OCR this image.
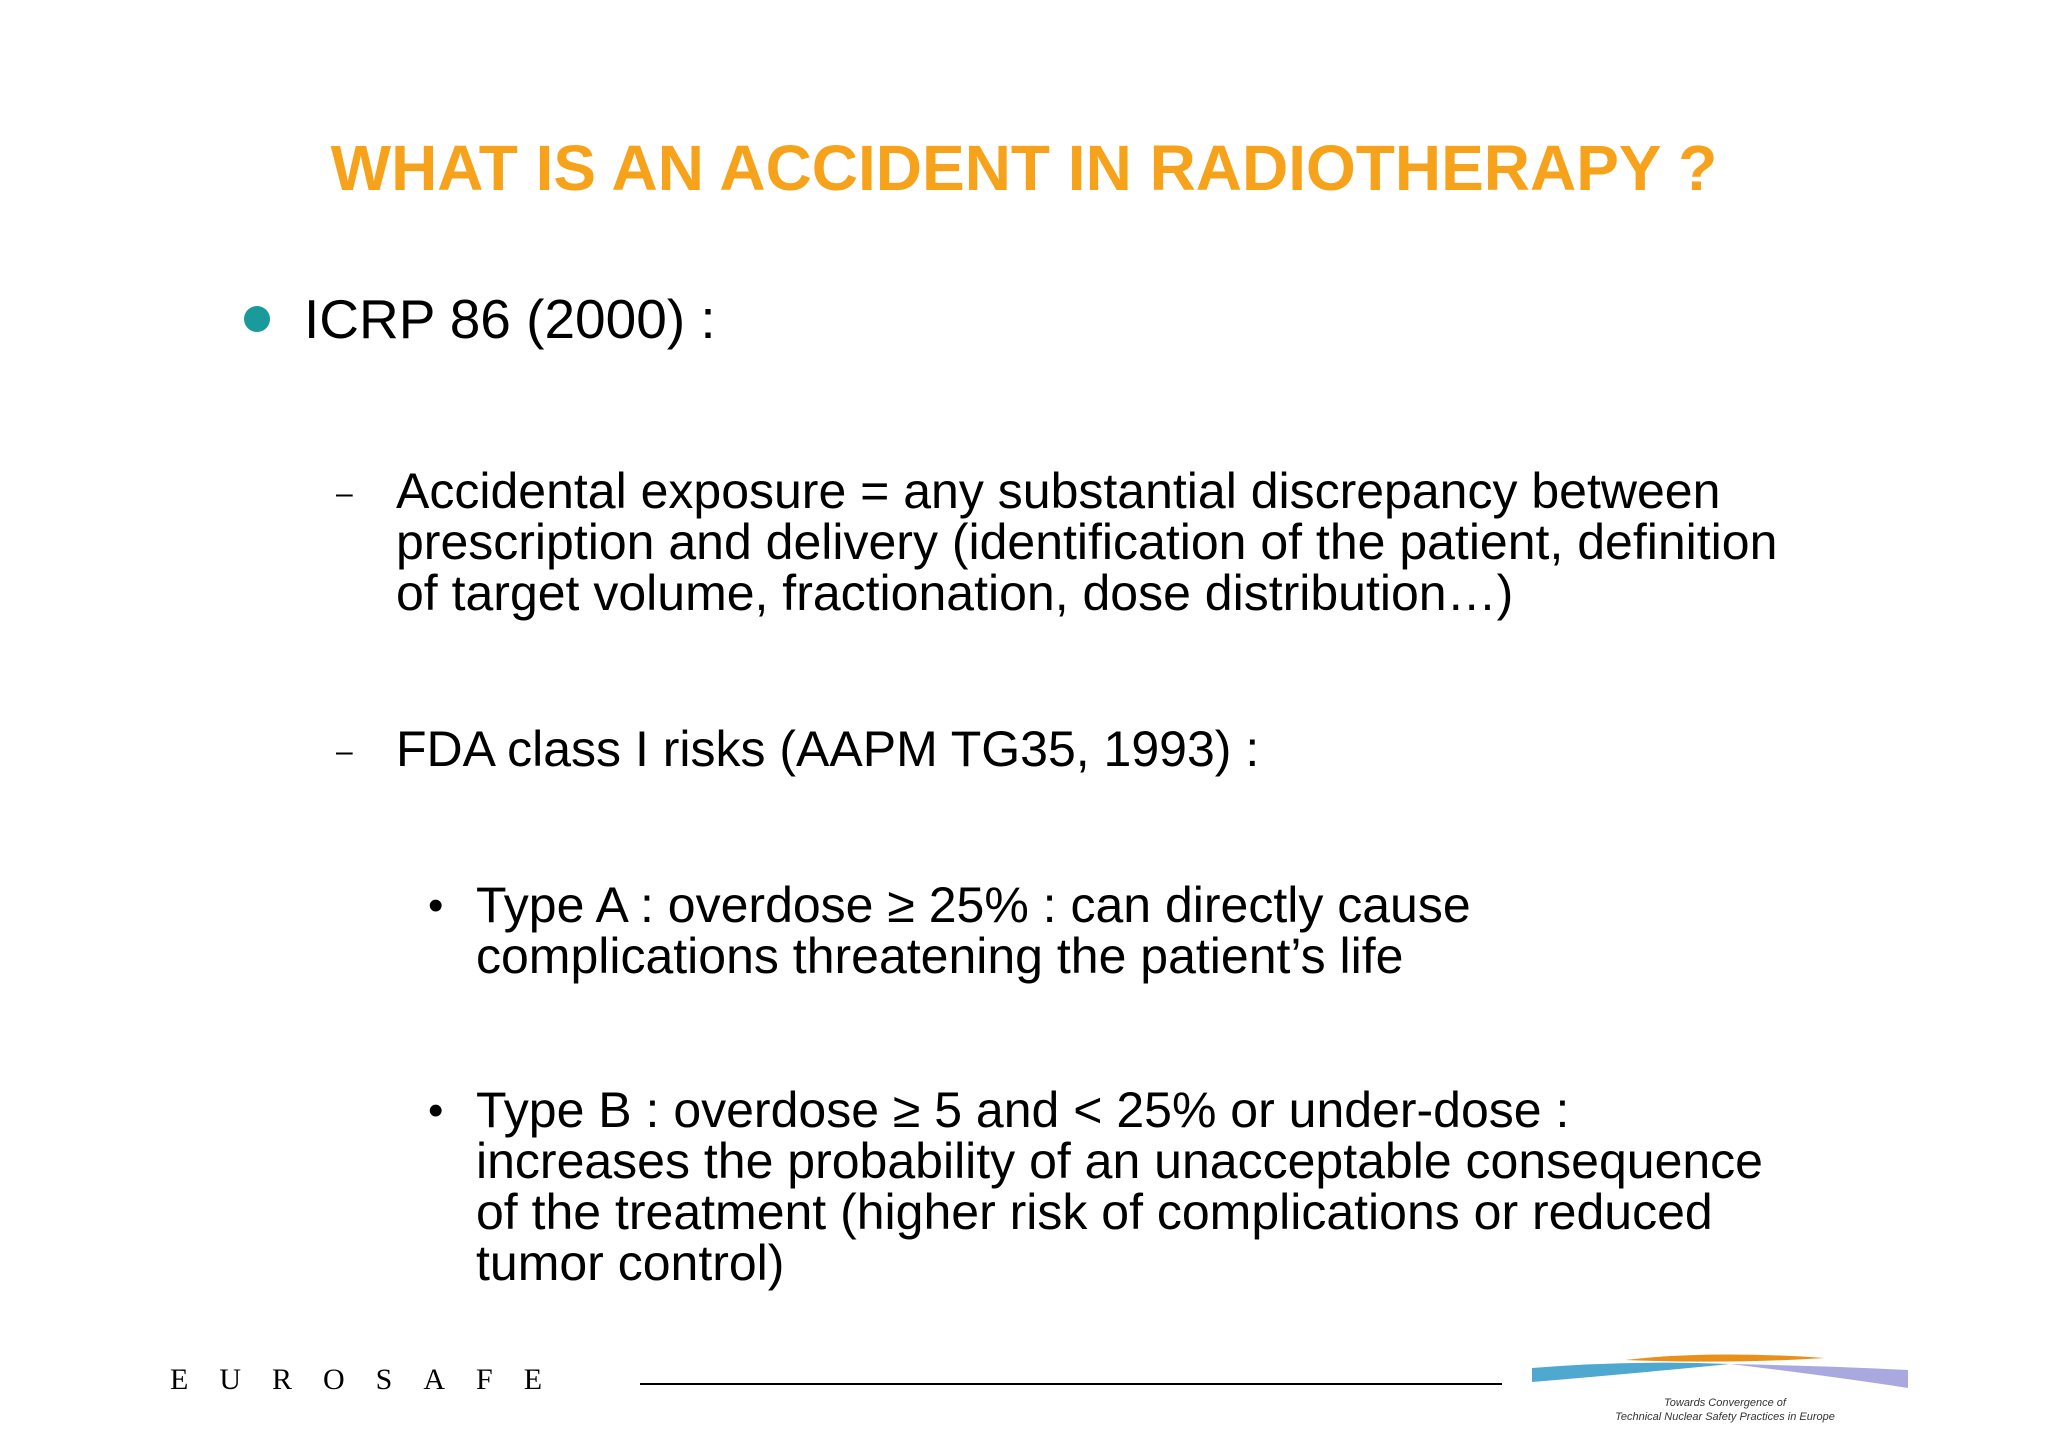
WHAT IS AN ACCIDENT IN RADIOTHERAPY ?
ICRP 86 (2000) :
– Accidental exposure = any substantial discrepancy between
prescription and delivery (identification of the patient, definition
of target volume, fractionation, dose distribution…)
– FDA class I risks (AAPM TG35, 1993) :
• Type A : overdose ≥ 25% : can directly cause
complications threatening the patient’s life
• Type B : overdose ≥ 5 and < 25% or under-dose :
increases the probability of an unacceptable consequence
of the treatment (higher risk of complications or reduced
tumor control)
EUROSAFE
Towards Convergence of
Technical Nuclear Safety Practices in Europe
